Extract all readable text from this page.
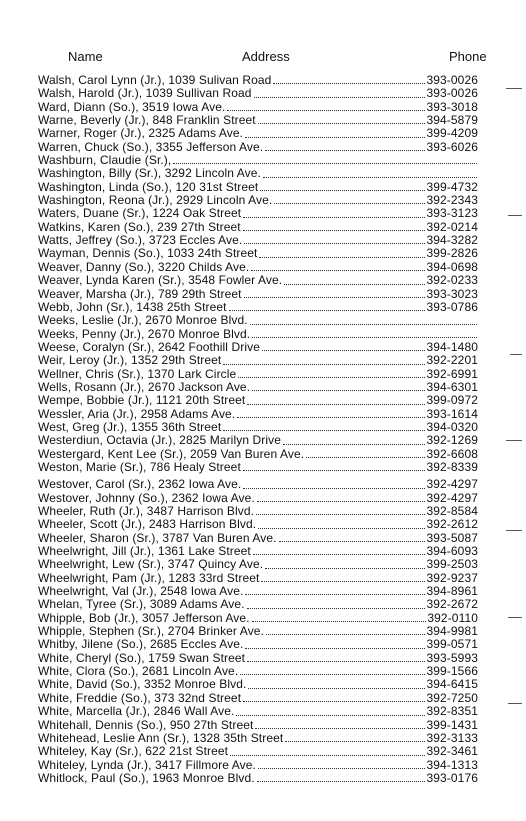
Name	Address	Phone
Walsh, Carol Lynn (Jr.), 1039 Sulivan Road	393-0026
Walsh, Harold (Jr.), 1039 Sullivan Road	393-0026
Ward, Diann (So.), 3519 Iowa Ave.	393-3018
Warne, Beverly (Jr.), 848 Franklin Street	394-5879
Warner, Roger (Jr.), 2325 Adams Ave.	399-4209
Warren, Chuck (So.), 3355 Jefferson Ave.	393-6026
Washburn, Claudie (Sr.),
Washington, Billy (Sr.), 3292 Lincoln Ave.
Washington, Linda (So.), 120 31st Street	399-4732
Washington, Reona (Jr.), 2929 Lincoln Ave.	392-2343
Waters, Duane (Sr.), 1224 Oak Street	393-3123
Watkins, Karen (So.), 239 27th Street	392-0214
Watts, Jeffrey (So.), 3723 Eccles Ave.	394-3282
Wayman, Dennis (So.), 1033 24th Street	399-2826
Weaver, Danny (So.), 3220 Childs Ave.	394-0698
Weaver, Lynda Karen (Sr.), 3548 Fowler Ave.	392-0233
Weaver, Marsha (Jr.), 789 29th Street	393-3023
Webb, John (Sr.), 1438 25th Street	393-0786
Weeks, Leslie (Jr.), 2670 Monroe Blvd.
Weeks, Penny (Jr.), 2670 Monroe Blvd.
Weese, Coralyn (Sr.), 2642 Foothill Drive	394-1480
Weir, Leroy (Jr.), 1352 29th Street	392-2201
Wellner, Chris (Sr.), 1370 Lark Circle	392-6991
Wells, Rosann (Jr.), 2670 Jackson Ave.	394-6301
Wempe, Bobbie (Jr.), 1121 20th Street	399-0972
Wessler, Aria (Jr.), 2958 Adams Ave.	393-1614
West, Greg (Jr.), 1355 36th Street	394-0320
Westerdiun, Octavia (Jr.), 2825 Marilyn Drive	392-1269
Westergard, Kent Lee (Sr.), 2059 Van Buren Ave.	392-6608
Weston, Marie (Sr.), 786 Healy Street	392-8339
Westover, Carol (Sr.), 2362 Iowa Ave.	392-4297
Westover, Johnny (So.), 2362 Iowa Ave.	392-4297
Wheeler, Ruth (Jr.), 3487 Harrison Blvd.	392-8584
Wheeler, Scott (Jr.), 2483 Harrison Blvd.	392-2612
Wheeler, Sharon (Sr.), 3787 Van Buren Ave.	393-5087
Wheelwright, Jill (Jr.), 1361 Lake Street	394-6093
Wheelwright, Lew (Sr.), 3747 Quincy Ave.	399-2503
Wheelwright, Pam (Jr.), 1283 33rd Street	392-9237
Wheelwright, Val (Jr.), 2548 Iowa Ave.	394-8961
Whelan, Tyree (Sr.), 3089 Adams Ave.	392-2672
Whipple, Bob (Jr.), 3057 Jefferson Ave.	392-0110
Whipple, Stephen (Sr.), 2704 Brinker Ave.	394-9981
Whitby, Jilene (So.), 2685 Eccles Ave.	399-0571
White, Cheryl (So.), 1759 Swan Street	393-5993
White, Clora (So.), 2681 Lincoln Ave.	399-1566
White, David (So.), 3352 Monroe Blvd.	394-6415
White, Freddie (So.), 373 32nd Street	392-7250
White, Marcella (Jr.), 2846 Wall Ave.	392-8351
Whitehall, Dennis (So.), 950 27th Street	399-1431
Whitehead, Leslie Ann (Sr.), 1328 35th Street	392-3133
Whiteley, Kay (Sr.), 622 21st Street	392-3461
Whiteley, Lynda (Jr.), 3417 Fillmore Ave.	394-1313
Whitlock, Paul (So.), 1963 Monroe Blvd.	393-0176
